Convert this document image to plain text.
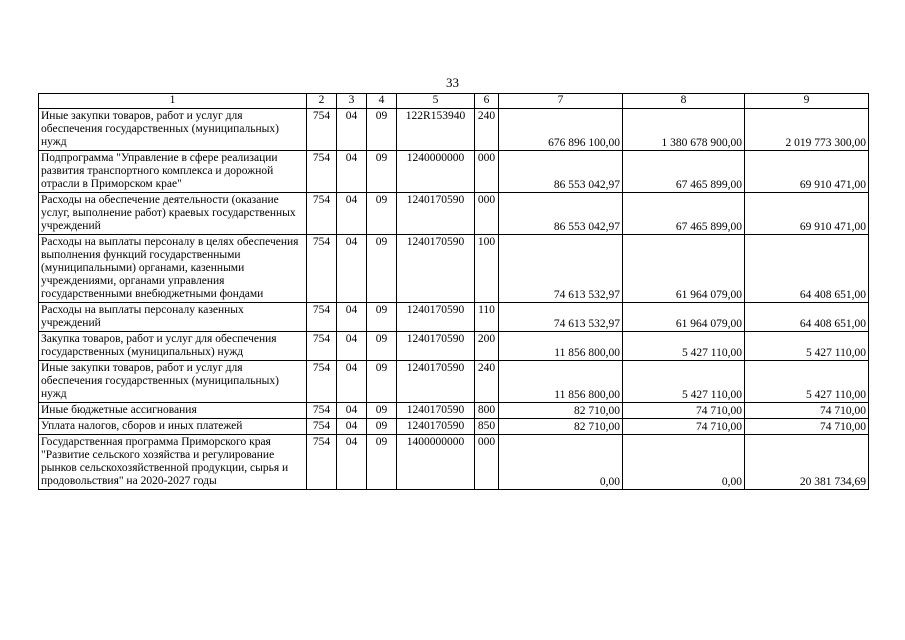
33
1	2	3	4	5	6	7	8	9
Иные закупки товаров, работ и услуг для обеспечения государственных (муниципальных) нужд	754	04	09	122R153940	240	676 896 100,00	1 380 678 900,00	2 019 773 300,00
Подпрограмма "Управление в сфере реализации развития транспортного комплекса и дорожной отрасли в Приморском крае"	754	04	09	1240000000	000	86 553 042,97	67 465 899,00	69 910 471,00
Расходы на обеспечение деятельности (оказание услуг, выполнение работ) краевых государственных учреждений	754	04	09	1240170590	000	86 553 042,97	67 465 899,00	69 910 471,00
Расходы на выплаты персоналу в целях обеспечения выполнения функций государственными (муниципальными) органами, казенными учреждениями, органами управления государственными внебюджетными фондами	754	04	09	1240170590	100	74 613 532,97	61 964 079,00	64 408 651,00
Расходы на выплаты персоналу казенных учреждений	754	04	09	1240170590	110	74 613 532,97	61 964 079,00	64 408 651,00
Закупка товаров, работ и услуг для обеспечения государственных (муниципальных) нужд	754	04	09	1240170590	200	11 856 800,00	5 427 110,00	5 427 110,00
Иные закупки товаров, работ и услуг для обеспечения государственных (муниципальных) нужд	754	04	09	1240170590	240	11 856 800,00	5 427 110,00	5 427 110,00
Иные бюджетные ассигнования	754	04	09	1240170590	800	82 710,00	74 710,00	74 710,00
Уплата налогов, сборов и иных платежей	754	04	09	1240170590	850	82 710,00	74 710,00	74 710,00
Государственная программа Приморского края "Развитие сельского хозяйства и регулирование рынков сельскохозяйственной продукции, сырья и продовольствия" на 2020-2027 годы	754	04	09	1400000000	000	0,00	0,00	20 381 734,69
